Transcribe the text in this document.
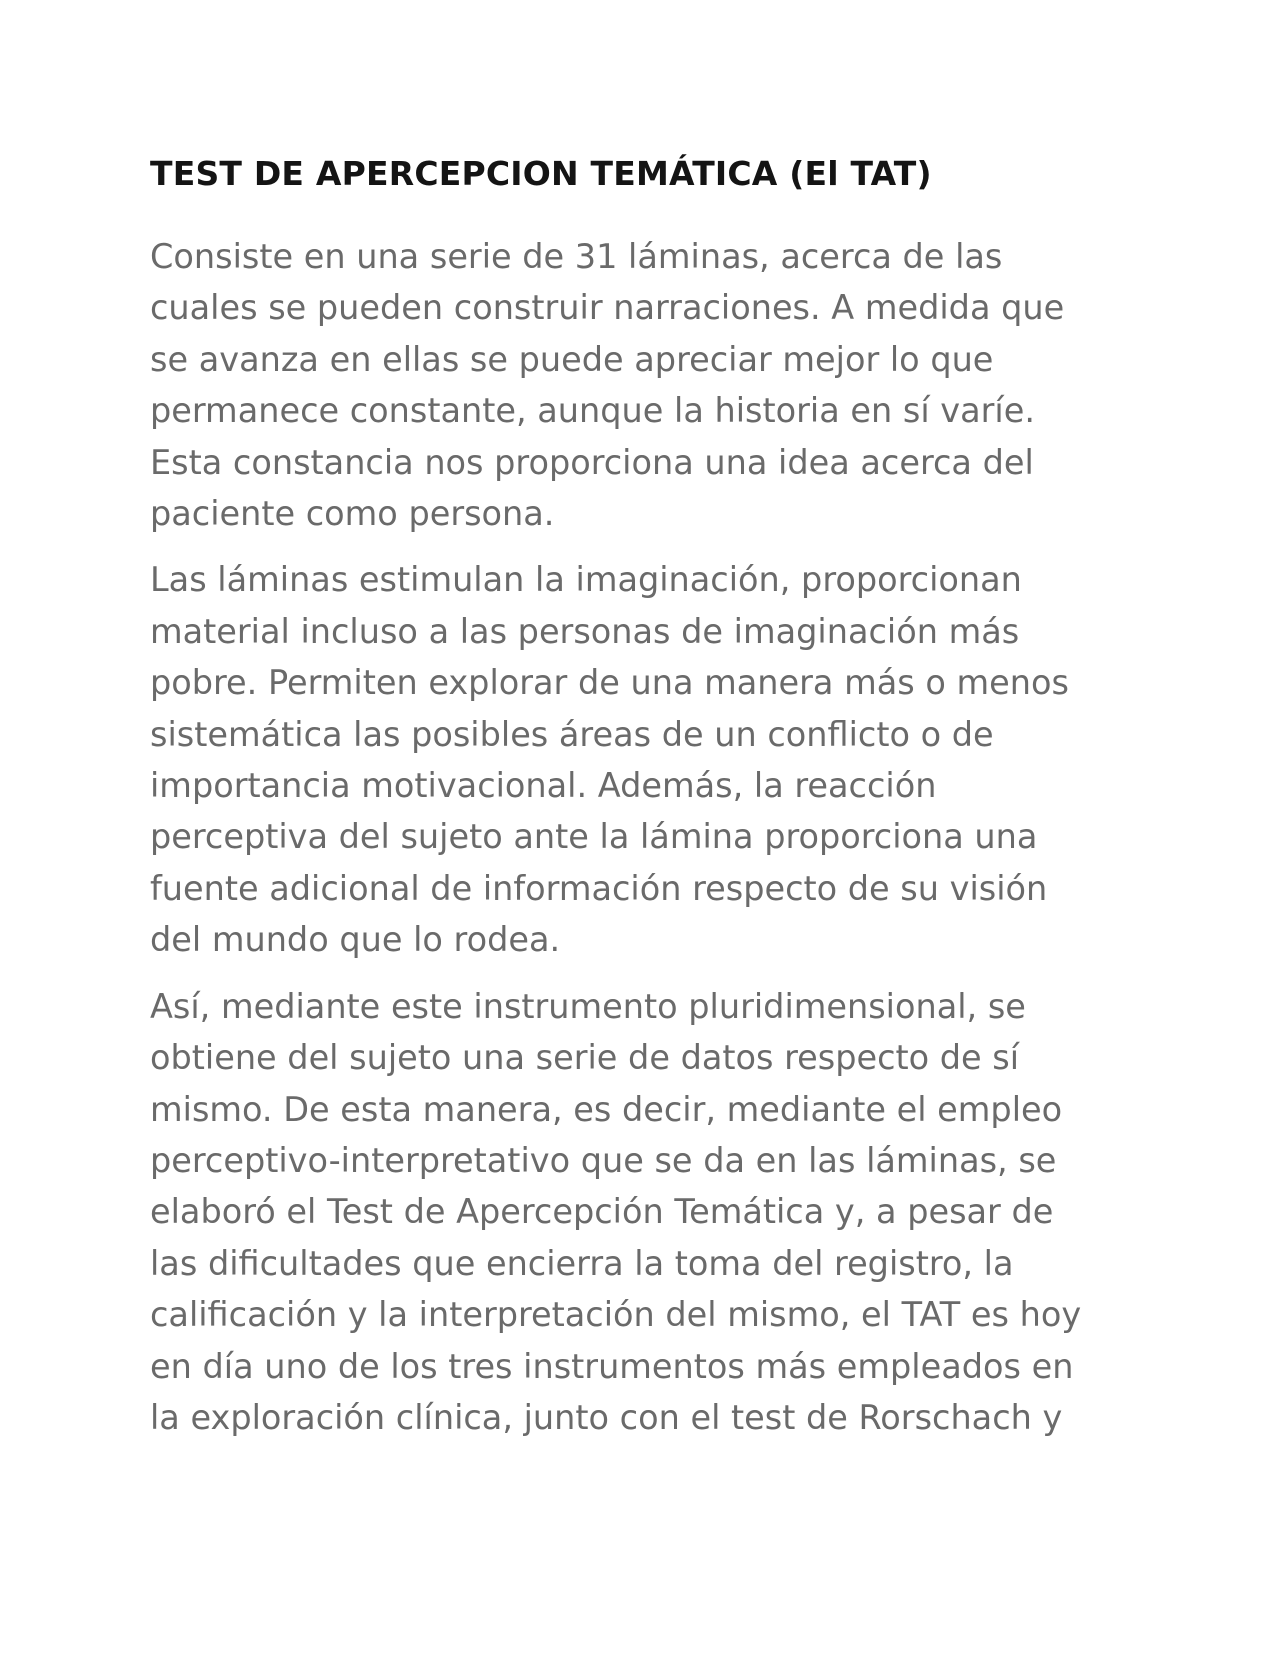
TEST DE APERCEPCION TEMÁTICA (El TAT)

Consiste en una serie de 31 láminas, acerca de las
cuales se pueden construir narraciones. A medida que
se avanza en ellas se puede apreciar mejor lo que
permanece constante, aunque la historia en sí varíe.
Esta constancia nos proporciona una idea acerca del
paciente como persona.

Las láminas estimulan la imaginación, proporcionan
material incluso a las personas de imaginación más
pobre. Permiten explorar de una manera más o menos
sistemática las posibles áreas de un conflicto o de
importancia motivacional. Además, la reacción
perceptiva del sujeto ante la lámina proporciona una
fuente adicional de información respecto de su visión
del mundo que lo rodea.

Así, mediante este instrumento pluridimensional, se
obtiene del sujeto una serie de datos respecto de sí
mismo. De esta manera, es decir, mediante el empleo
perceptivo-interpretativo que se da en las láminas, se
elaboró el Test de Apercepción Temática y, a pesar de
las dificultades que encierra la toma del registro, la
calificación y la interpretación del mismo, el TAT es hoy
en día uno de los tres instrumentos más empleados en
la exploración clínica, junto con el test de Rorschach y
